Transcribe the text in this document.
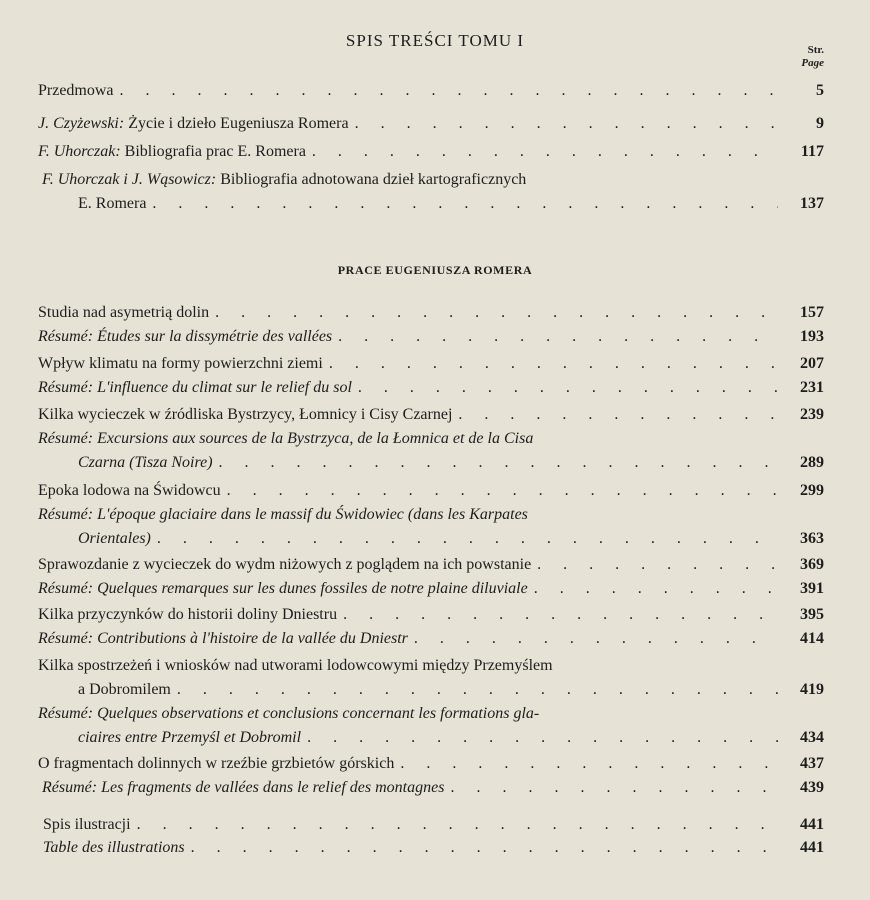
SPIS TREŚCI TOMU I	Str.
Page
Przedmowa . . .	5
J. Czyżewski: Życie i dzieło Eugeniusza Romera . . .	9
F. Uhorczak: Bibliografia prac E. Romera . . .	117
F. Uhorczak i J. Wąsowicz: Bibliografia adnotowana dzieł kartograficznych
E. Romera . . .	137
PRACE EUGENIUSZA ROMERA
Studia nad asymetrią dolin . . .	157
Résumé: Études sur la dissymétrie des vallées . . .	193
Wpływ klimatu na formy powierzchni ziemi . . .	207
Résumé: L'influence du climat sur le relief du sol . . .	231
Kilka wycieczek w źródliska Bystrzycy, Łomnicy i Cisy Czarnej . . .	239
Résumé: Excursions aux sources de la Bystrzyca, de la Łomnica et de la Cisa
Czarna (Tisza Noire) . . .	289
Epoka lodowa na Świdowcu . . .	299
Résumé: L'époque glaciaire dans le massif du Świdowiec (dans les Karpates
Orientales) . . .	363
Sprawozdanie z wycieczek do wydm niżowych z poglądem na ich powstanie . . .	369
Résumé: Quelques remarques sur les dunes fossiles de notre plaine diluviale . . .	391
Kilka przyczynków do historii doliny Dniestru . . .	395
Résumé: Contributions à l'histoire de la vallée du Dniestr . . .	414
Kilka spostrzeżeń i wniosków nad utworami lodowcowymi między Przemyślem
a Dobromilem . . .	419
Résumé: Quelques observations et conclusions concernant les formations gla-
ciaires entre Przemyśl et Dobromil . . .	434
O fragmentach dolinnych w rzeźbie grzbietów górskich . . .	437
Résumé: Les fragments de vallées dans le relief des montagnes . . .	439
Spis ilustracji . . .	441
Table des illustrations . . .	441
